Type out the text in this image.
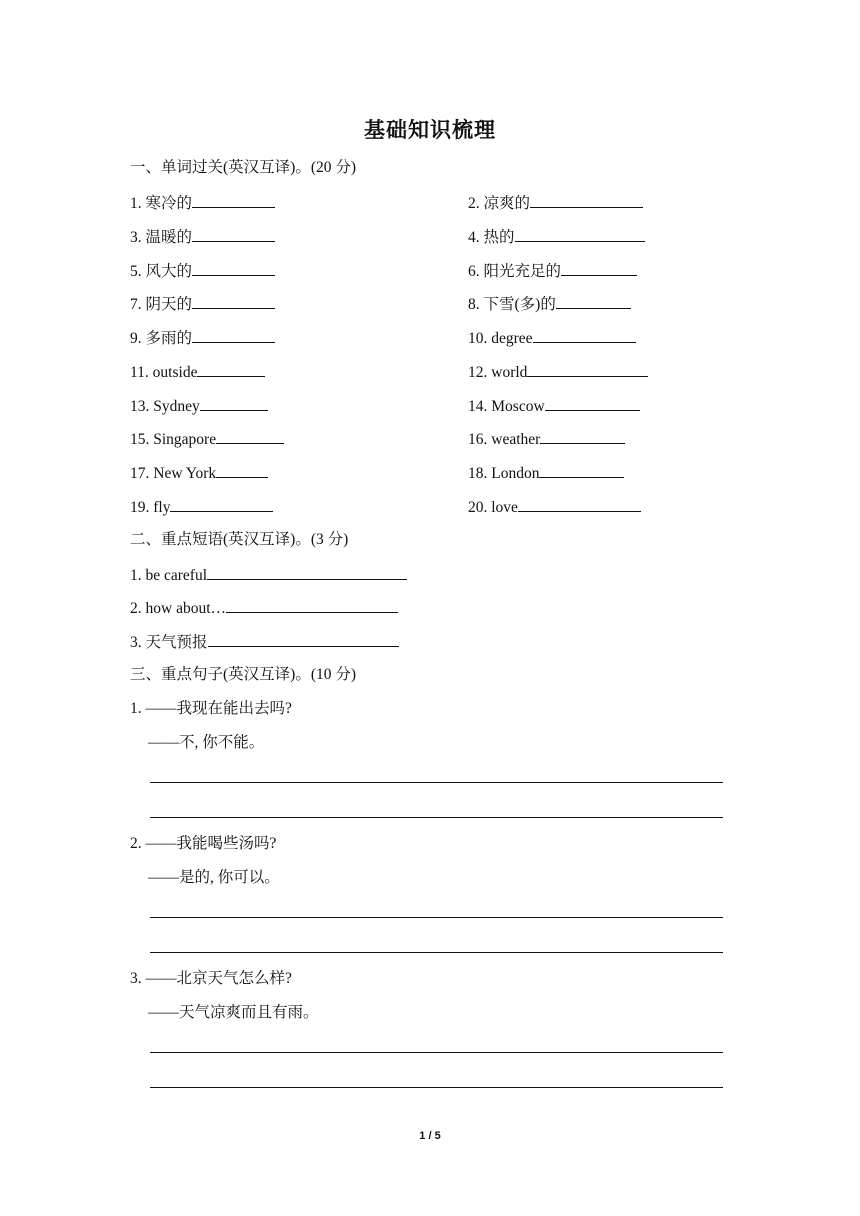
基础知识梳理
一、单词过关(英汉互译)。(20 分)
1. 寒冷的	2. 凉爽的
3. 温暖的	4. 热的
5. 风大的	6. 阳光充足的
7. 阴天的	8. 下雪(多)的
9. 多雨的	10. degree
11. outside	12. world
13. Sydney	14. Moscow
15. Singapore	16. weather
17. New York	18. London
19. fly	20. love
二、重点短语(英汉互译)。(3 分)
1. be careful
2. how about…
3. 天气预报
三、重点句子(英汉互译)。(10 分)
1. ——我现在能出去吗?
——不, 你不能。
2. ——我能喝些汤吗?
——是的, 你可以。
3. ——北京天气怎么样?
——天气凉爽而且有雨。
1 / 5
